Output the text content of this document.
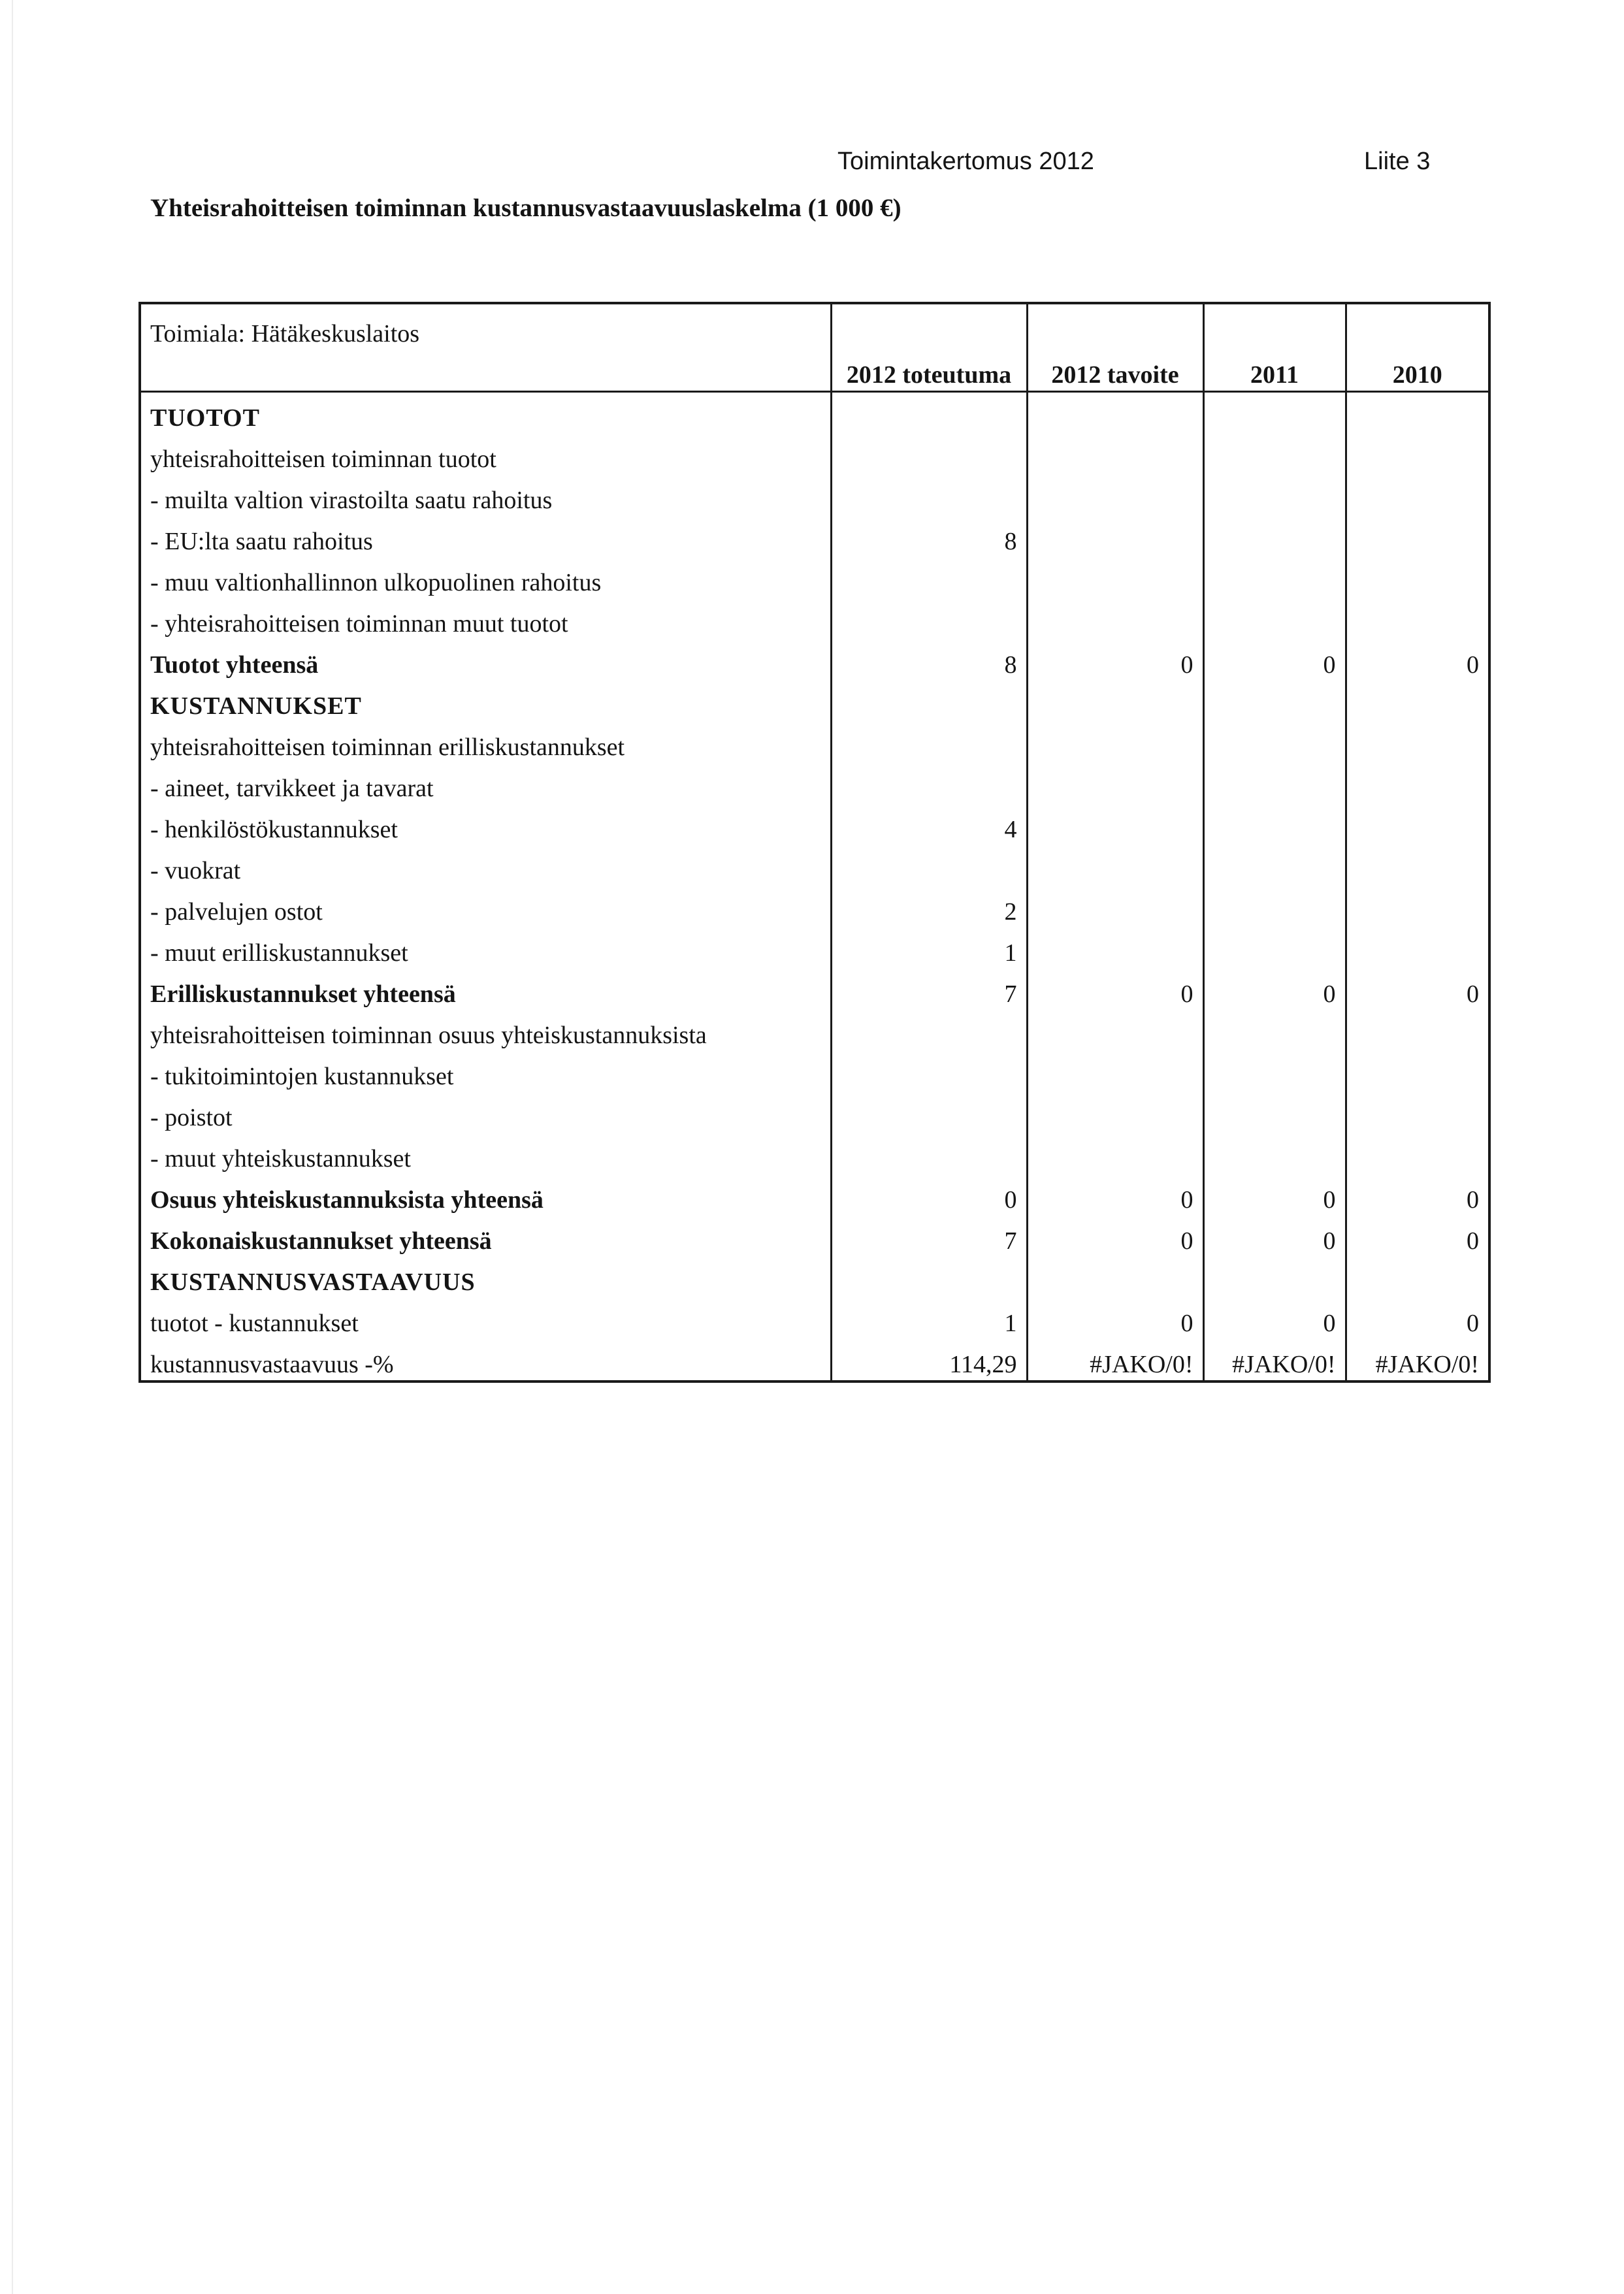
Toimintakertomus 2012	Liite 3
Yhteisrahoitteisen toiminnan kustannusvastaavuuslaskelma (1 000 €)
Toimiala: Hätäkeskuslaitos				
	2012 toteutuma	2012 tavoite	2011	2010
TUOTOT				
yhteisrahoitteisen toiminnan tuotot				
- muilta valtion virastoilta saatu rahoitus				
- EU:lta saatu rahoitus	8			
- muu valtionhallinnon ulkopuolinen rahoitus				
- yhteisrahoitteisen toiminnan muut tuotot				
Tuotot yhteensä	8	0	0	0
KUSTANNUKSET				
yhteisrahoitteisen toiminnan erilliskustannukset				
- aineet, tarvikkeet ja tavarat				
- henkilöstökustannukset	4			
- vuokrat				
- palvelujen ostot	2			
- muut erilliskustannukset	1			
Erilliskustannukset yhteensä	7	0	0	0
yhteisrahoitteisen toiminnan osuus yhteiskustannuksista				
- tukitoimintojen kustannukset				
- poistot				
- muut yhteiskustannukset				
Osuus yhteiskustannuksista yhteensä	0	0	0	0
Kokonaiskustannukset yhteensä	7	0	0	0
KUSTANNUSVASTAAVUUS				
tuotot - kustannukset	1	0	0	0
kustannusvastaavuus -%	114,29	#JAKO/0!	#JAKO/0!	#JAKO/0!
